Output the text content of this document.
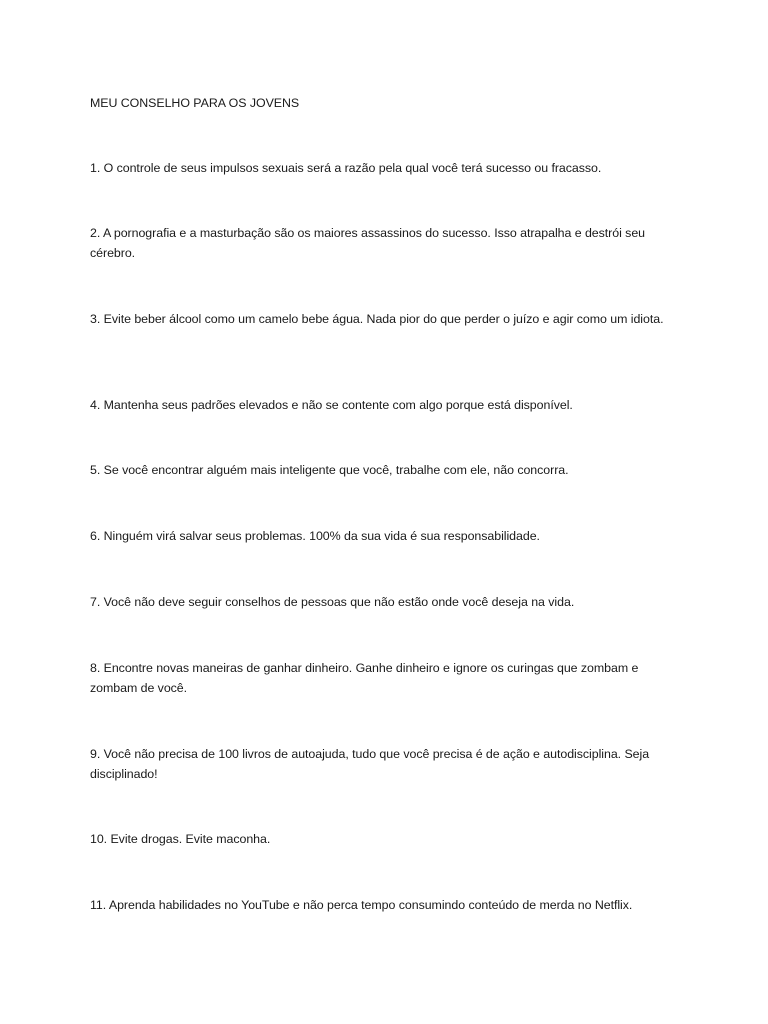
MEU CONSELHO PARA OS JOVENS

1. O controle de seus impulsos sexuais será a razão pela qual você terá sucesso ou fracasso.

2. A pornografia e a masturbação são os maiores assassinos do sucesso. Isso atrapalha e destrói seu cérebro.

3. Evite beber álcool como um camelo bebe água. Nada pior do que perder o juízo e agir como um idiota.

4. Mantenha seus padrões elevados e não se contente com algo porque está disponível.

5. Se você encontrar alguém mais inteligente que você, trabalhe com ele, não concorra.

6. Ninguém virá salvar seus problemas. 100% da sua vida é sua responsabilidade.

7. Você não deve seguir conselhos de pessoas que não estão onde você deseja na vida.

8. Encontre novas maneiras de ganhar dinheiro. Ganhe dinheiro e ignore os curingas que zombam e zombam de você.

9. Você não precisa de 100 livros de autoajuda, tudo que você precisa é de ação e autodisciplina. Seja disciplinado!

10. Evite drogas. Evite maconha.

11. Aprenda habilidades no YouTube e não perca tempo consumindo conteúdo de merda no Netflix.
